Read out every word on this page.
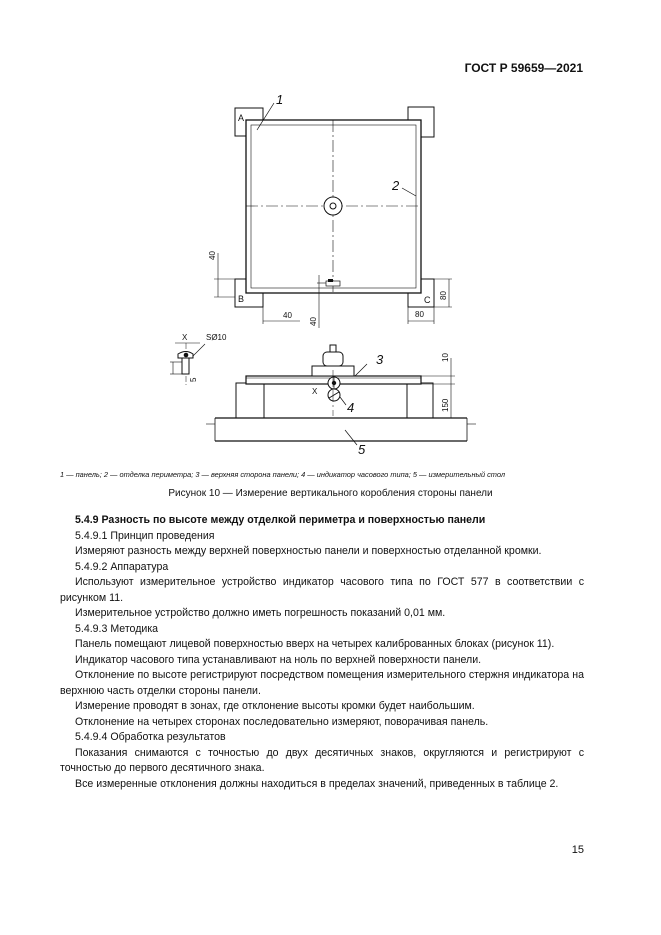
ГОСТ Р 59659—2021
1
2
3
4
5
A
B	C
40
40
40
80
80
10
150
X
X
SØ10
5
1 — панель; 2 — отделка периметра; 3 — верхняя сторона панели; 4 — индикатор часового типа; 5 — измерительный стол
Рисунок 10 — Измерение вертикального коробления стороны панели

5.4.9 Разность по высоте между отделкой периметра и поверхностью панели

5.4.9.1 Принцип проведения

Измеряют разность между верхней поверхностью панели и поверхностью отделанной кромки.

5.4.9.2 Аппаратура

Используют измерительное устройство индикатор часового типа по ГОСТ 577 в соответствии с рисунком 11.

Измерительное устройство должно иметь погрешность показаний 0,01 мм.

5.4.9.3 Методика

Панель помещают лицевой поверхностью вверх на четырех калиброванных блоках (рисунок 11).

Индикатор часового типа устанавливают на ноль по верхней поверхности панели.

Отклонение по высоте регистрируют посредством помещения измерительного стержня индикатора на верхнюю часть отделки стороны панели.

Измерение проводят в зонах, где отклонение высоты кромки будет наибольшим.

Отклонение на четырех сторонах последовательно измеряют, поворачивая панель.

5.4.9.4 Обработка результатов

Показания снимаются с точностью до двух десятичных знаков, округляются и регистрируют с точностью до первого десятичного знака.

Все измеренные отклонения должны находиться в пределах значений, приведенных в таблице 2.

15
